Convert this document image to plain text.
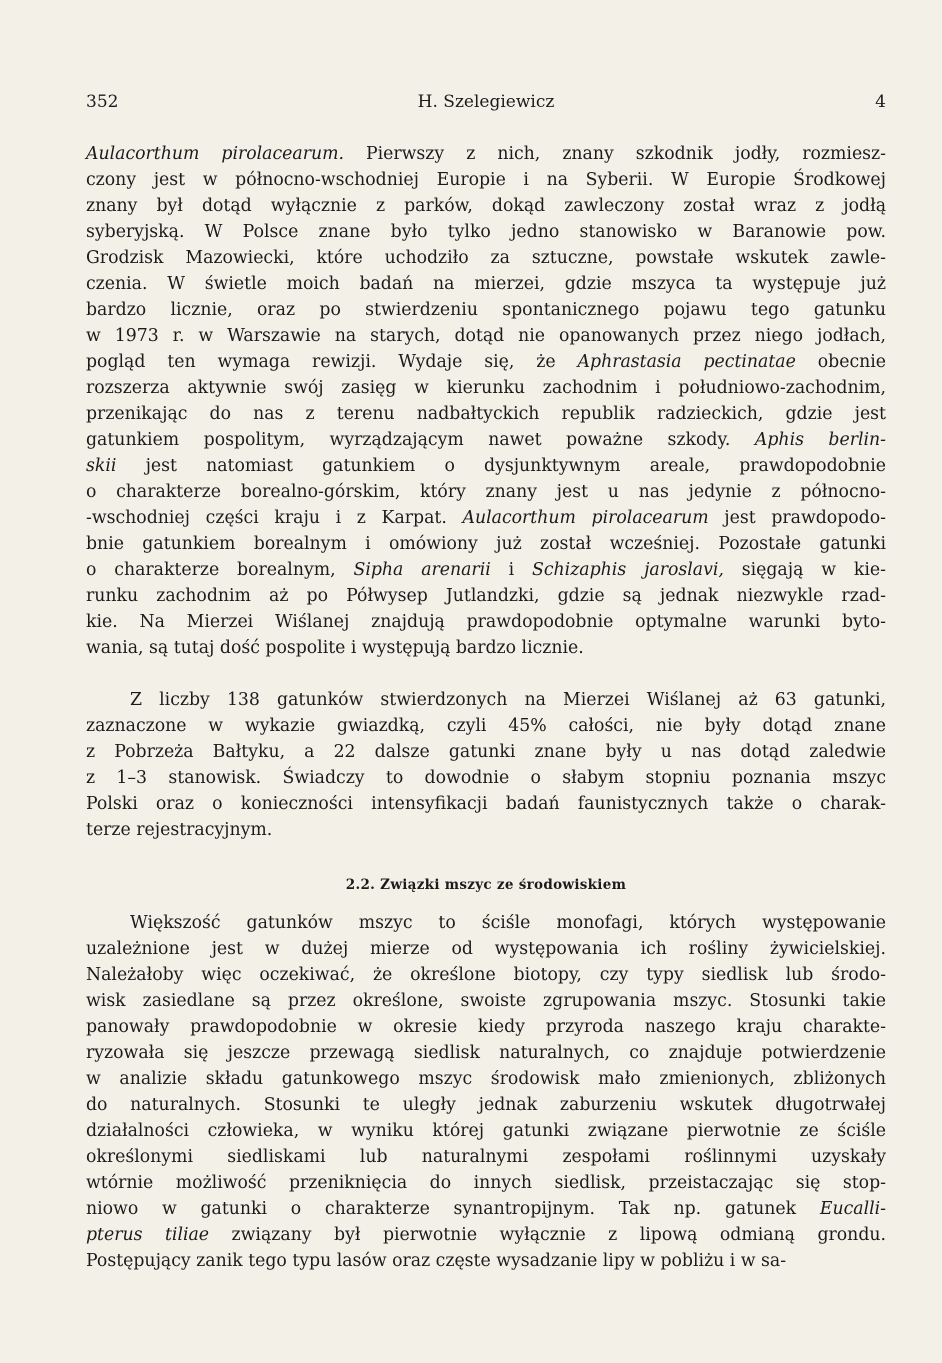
352	H. Szelegiewicz	4
Aulacorthum pirolacearum. Pierwszy z nich, znany szkodnik jodły, rozmiesz-
czony jest w północno-wschodniej Europie i na Syberii. W Europie Środkowej
znany był dotąd wyłącznie z parków, dokąd zawleczony został wraz z jodłą
syberyjską. W Polsce znane było tylko jedno stanowisko w Baranowie pow.
Grodzisk Mazowiecki, które uchodziło za sztuczne, powstałe wskutek zawle-
czenia. W świetle moich badań na mierzei, gdzie mszyca ta występuje już
bardzo licznie, oraz po stwierdzeniu spontanicznego pojawu tego gatunku
w 1973 r. w Warszawie na starych, dotąd nie opanowanych przez niego jodłach,
pogląd ten wymaga rewizji. Wydaje się, że Aphrastasia pectinatae obecnie
rozszerza aktywnie swój zasięg w kierunku zachodnim i południowo-zachodnim,
przenikając do nas z terenu nadbałtyckich republik radzieckich, gdzie jest
gatunkiem pospolitym, wyrządzającym nawet poważne szkody. Aphis berlin-
skii jest natomiast gatunkiem o dysjunktywnym areale, prawdopodobnie
o charakterze borealno-górskim, który znany jest u nas jedynie z północno-
-wschodniej części kraju i z Karpat. Aulacorthum pirolacearum jest prawdopodo-
bnie gatunkiem borealnym i omówiony już został wcześniej. Pozostałe gatunki
o charakterze borealnym, Sipha arenarii i Schizaphis jaroslavi, sięgają w kie-
runku zachodnim aż po Półwysep Jutlandzki, gdzie są jednak niezwykle rzad-
kie. Na Mierzei Wiślanej znajdują prawdopodobnie optymalne warunki byto-
wania, są tutaj dość pospolite i występują bardzo licznie.
Z liczby 138 gatunków stwierdzonych na Mierzei Wiślanej aż 63 gatunki,
zaznaczone w wykazie gwiazdką, czyli 45% całości, nie były dotąd znane
z Pobrzeża Bałtyku, a 22 dalsze gatunki znane były u nas dotąd zaledwie
z 1–3 stanowisk. Świadczy to dowodnie o słabym stopniu poznania mszyc
Polski oraz o konieczności intensyfikacji badań faunistycznych także o charak-
terze rejestracyjnym.
2.2. Związki mszyc ze środowiskiem
Większość gatunków mszyc to ściśle monofagi, których występowanie
uzależnione jest w dużej mierze od występowania ich rośliny żywicielskiej.
Należałoby więc oczekiwać, że określone biotopy, czy typy siedlisk lub środo-
wisk zasiedlane są przez określone, swoiste zgrupowania mszyc. Stosunki takie
panowały prawdopodobnie w okresie kiedy przyroda naszego kraju charakte-
ryzowała się jeszcze przewagą siedlisk naturalnych, co znajduje potwierdzenie
w analizie składu gatunkowego mszyc środowisk mało zmienionych, zbliżonych
do naturalnych. Stosunki te uległy jednak zaburzeniu wskutek długotrwałej
działalności człowieka, w wyniku której gatunki związane pierwotnie ze ściśle
określonymi siedliskami lub naturalnymi zespołami roślinnymi uzyskały
wtórnie możliwość przeniknięcia do innych siedlisk, przeistaczając się stop-
niowo w gatunki o charakterze synantropijnym. Tak np. gatunek Eucalli-
pterus tiliae związany był pierwotnie wyłącznie z lipową odmianą grondu.
Postępujący zanik tego typu lasów oraz częste wysadzanie lipy w pobliżu i w sa-
